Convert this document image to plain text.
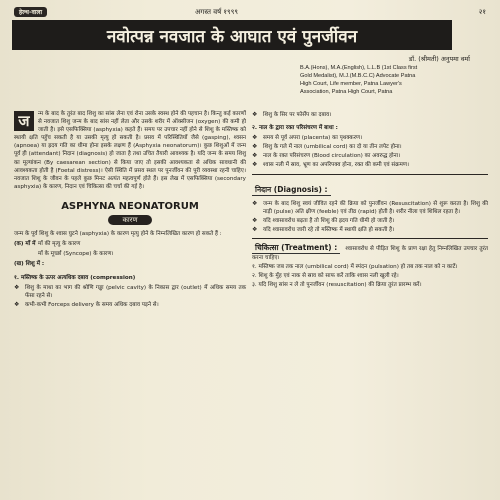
हेल्थ-वाला	अगस्त वर्ष १९९९	२१
नवोत्पन्न नवजात के आघात एवं पुनर्जीवन
डॉ. (श्रीमती) अनुपमा वर्मा
B.A.(Hons), M.A.(English), L.L.B (1st Class first
Gold Medalist), M.J.(M.B.C.C) Advocate Patna
High Court, Life member, Patna Lawyer's
Association, Patna High Court, Patna
ज	न्म के बाद के तुरंत बाद शिशु का सांस लेना एवं रोना उसके स्वस्थ होने की पहचान है। किन्तु कई कारणों से नवजात शिशु जन्म के बाद सांस नहीं लेता और उसके शरीर में ऑक्सीजन (oxygen) की कमी हो जाती है। इसे एसफिक्सिया (asphyxia) कहते हैं। समय पर उपचार नहीं होने से शिशु के मस्तिष्क को स्थायी क्षति पहुँच सकती है या उसकी मृत्यु हो सकती है। प्रसव में परिस्थितियों जैसे (gasping), श्वसन (apnoea) या ह्रदय गति का धीमा होना इसके लक्षण हैं (Asphyxia neonatorum)। कुछ शिशुओं में जन्म पूर्व ही (attendant) निदान (diagnosis) हो जाता है तथा उचित तैयारी आवश्यक है। यदि जन्म के समय शिशु का मूल्यांकन (By caesarean section) से किया जाए तो इसकी आवश्यकता से अधिक सावधानी की आवश्यकता होती है (Foetal distress)। ऐसी स्थिति में प्रसव स्थल पर पुनर्जीवन की पूरी व्यवस्था रहनी चाहिए। नवजात शिशु के जीवन के पहले कुछ मिनट अत्यंत महत्वपूर्ण होते हैं। इस लेख में एसफिक्सिया (secondary asphyxia) के कारण, निदान एवं चिकित्सा की चर्चा की गई है।
ASPHYNA NEONATORUM
कारण
जन्म के पूर्व शिशु के श्वास घुटने (asphyxia) के कारण मृत्यु होने के निम्नलिखित कारण हो सकते हैं :
(क) माँ में माँ की मृत्यु के कारण
माँ के मूर्च्छा (Syncope) के कारण।
(ख) शिशु में :
१. मस्तिष्क के ऊपर अत्यधिक दबाव (compression)
❖	शिशु के माथा का भाग की श्रोणि गड्ढा (pelvic cavity) के निकास द्वार (outlet) में अधिक समय तक फँसा रहने से।
❖	कभी-कभी Forceps delivery के समय अधिक दबाव पड़ने से।
❖	शिशु के सिर पर फोर्सेप का दबाव।
२. नाल के द्वारा रक्त परिसंचरण में बाधा :
❖	समय से पूर्व अपरा (placenta) का पृथक्करण।
❖	शिशु के गले में नाल (umbilical cord) का दो या तीन लपेट होना।
❖	नाल के रक्त परिसंचरण (Blood circulation) का अवरुद्ध होना।
❖	श्वास नली में स्राव, भ्रूण का अपरिपक्व होना, रक्त की कमी एवं संक्रमण।
निदान (Diagnosis) :
❖	जन्म के बाद शिशु स्वयं जीवित रहने की क्रिया को पुनर्जीवन (Resuscitation) से शुरू करता है। शिशु की नाड़ी (pulse) अति क्षीण (feeble) एवं तीव्र (rapid) होती है। शरीर नीला एवं शिथिल रहता है।
❖	यदि श्वासावरोध बढ़ता है तो शिशु की ह्रदय गति धीमी हो जाती है।
❖	यदि श्वासावरोध जारी रहे तो मस्तिष्क में स्थायी क्षति हो सकती है।
चिकित्सा (Treatment) : श्वासावरोध से पीड़ित शिशु के प्राण रक्षा हेतु निम्नलिखित उपचार तुरंत करना चाहिए।
१. मस्तिष्क जब तक नाल (umbilical cord) में स्पंदन (pulsation) हो तब तक नाल को न काटें।
२. शिशु के मुँह एवं नाक से स्राव को साफ करें ताकि श्वास नली खुली रहे।
३. यदि शिशु सांस न ले तो पुनर्जीवन (resuscitation) की क्रिया तुरंत प्रारम्भ करें।
